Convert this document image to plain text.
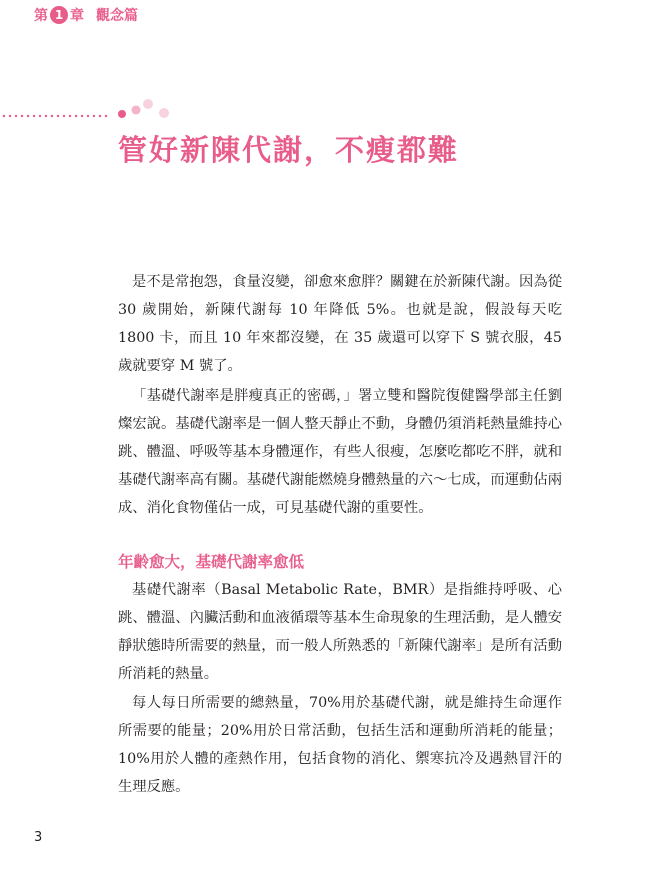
第 1 章 觀念篇
管好新陳代謝，不瘦都難

是不是常抱怨，食量沒變，卻愈來愈胖？關鍵在於新陳代謝。因為從 30 歲開始，新陳代謝每 10 年降低 5%。也就是說，假設每天吃 1800 卡，而且 10 年來都沒變，在 35 歲還可以穿下 S 號衣服，45 歲就要穿 M 號了。

「基礎代謝率是胖瘦真正的密碼，」署立雙和醫院復健醫學部主任劉燦宏說。基礎代謝率是一個人整天靜止不動，身體仍須消耗熱量維持心跳、體溫、呼吸等基本身體運作，有些人很瘦，怎麼吃都吃不胖，就和基礎代謝率高有關。基礎代謝能燃燒身體熱量的六～七成，而運動佔兩成、消化食物僅佔一成，可見基礎代謝的重要性。

年齡愈大，基礎代謝率愈低

基礎代謝率（Basal Metabolic Rate，BMR）是指維持呼吸、心跳、體溫、內臟活動和血液循環等基本生命現象的生理活動，是人體安靜狀態時所需要的熱量，而一般人所熟悉的「新陳代謝率」是所有活動所消耗的熱量。

每人每日所需要的總熱量，70%用於基礎代謝，就是維持生命運作所需要的能量；20%用於日常活動，包括生活和運動所消耗的能量；10%用於人體的產熱作用，包括食物的消化、禦寒抗冷及遇熱冒汗的生理反應。

3
